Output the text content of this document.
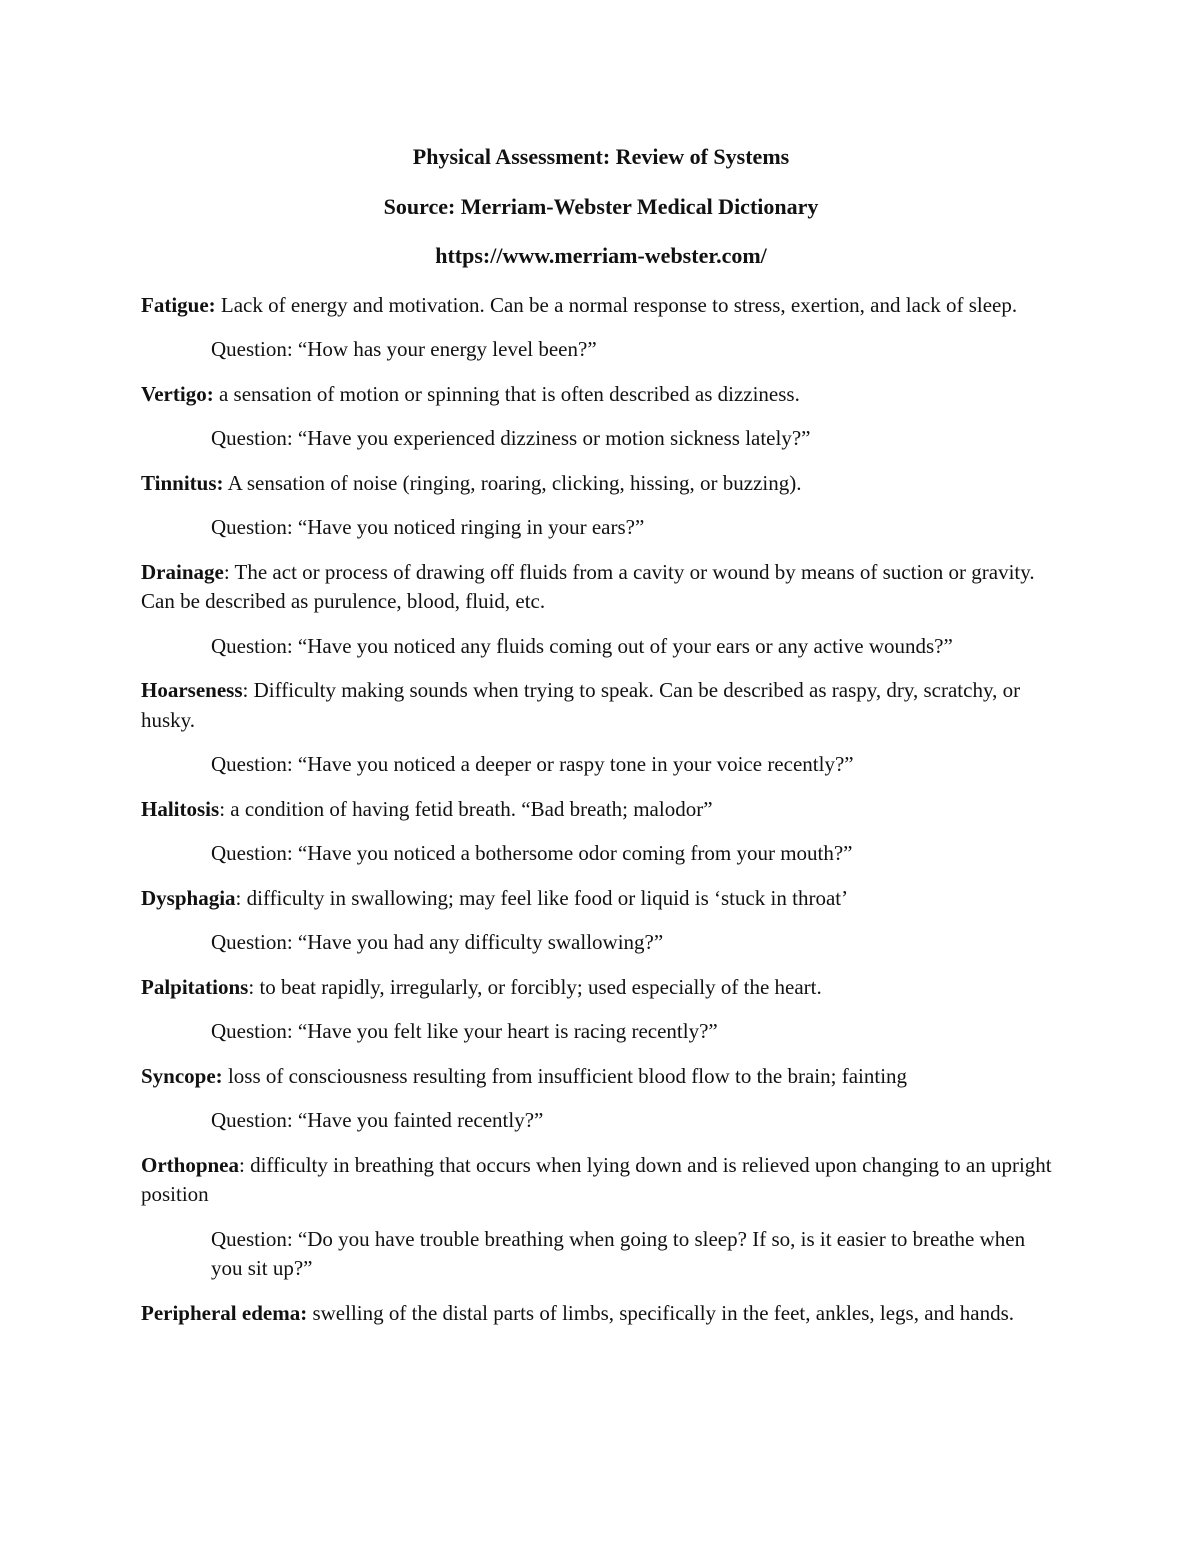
Physical Assessment: Review of Systems

Source: Merriam-Webster Medical Dictionary

https://www.merriam-webster.com/

Fatigue: Lack of energy and motivation. Can be a normal response to stress, exertion, and lack of sleep.

Question: “How has your energy level been?”

Vertigo: a sensation of motion or spinning that is often described as dizziness.

Question: “Have you experienced dizziness or motion sickness lately?”

Tinnitus: A sensation of noise (ringing, roaring, clicking, hissing, or buzzing).

Question: “Have you noticed ringing in your ears?”

Drainage: The act or process of drawing off fluids from a cavity or wound by means of suction or gravity. Can be described as purulence, blood, fluid, etc.

Question: “Have you noticed any fluids coming out of your ears or any active wounds?”

Hoarseness: Difficulty making sounds when trying to speak. Can be described as raspy, dry, scratchy, or husky.

Question: “Have you noticed a deeper or raspy tone in your voice recently?”

Halitosis: a condition of having fetid breath. “Bad breath; malodor”

Question: “Have you noticed a bothersome odor coming from your mouth?”

Dysphagia: difficulty in swallowing; may feel like food or liquid is ‘stuck in throat’

Question: “Have you had any difficulty swallowing?”

Palpitations: to beat rapidly, irregularly, or forcibly; used especially of the heart.

Question: “Have you felt like your heart is racing recently?”

Syncope: loss of consciousness resulting from insufficient blood flow to the brain; fainting

Question: “Have you fainted recently?”

Orthopnea: difficulty in breathing that occurs when lying down and is relieved upon changing to an upright position

Question: “Do you have trouble breathing when going to sleep? If so, is it easier to breathe when you sit up?”

Peripheral edema: swelling of the distal parts of limbs, specifically in the feet, ankles, legs, and hands.
